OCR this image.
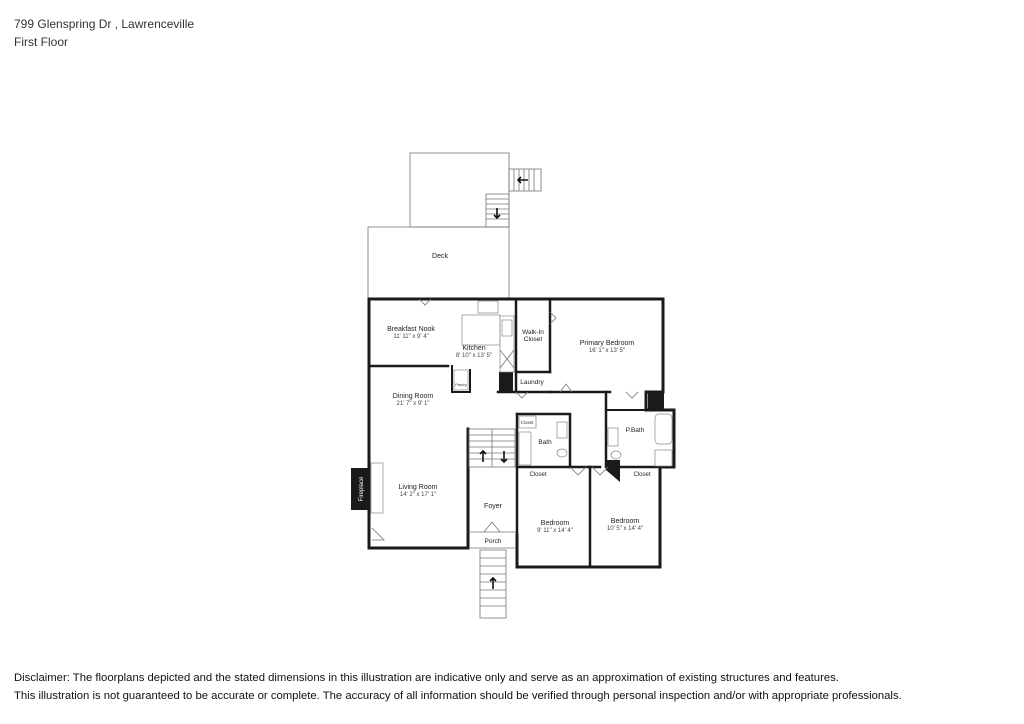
799 Glenspring Dr , Lawrenceville
First Floor
Deck
Fireplace
Pantry
Breakfast Nook
11' 11" x 9' 4"
Kitchen
8' 10" x 13' 5"
Walk-In
Closet
Primary Bedroom
16' 1" x 13' 5"
Laundry
Dining Room
21' 7" x 9' 1"
Closet
Bath
P.Bath
Closet	Closet
Living Room
14' 2" x 17' 1"
Foyer
Porch
Bedroom
9' 11" x 14' 4"
Bedroom
10' 5" x 14' 4"
Disclaimer: The floorplans depicted and the stated dimensions in this illustration are indicative only and serve as an approximation of existing structures and features.
This illustration is not guaranteed to be accurate or complete. The accuracy of all information should be verified through personal inspection and/or with appropriate professionals.
